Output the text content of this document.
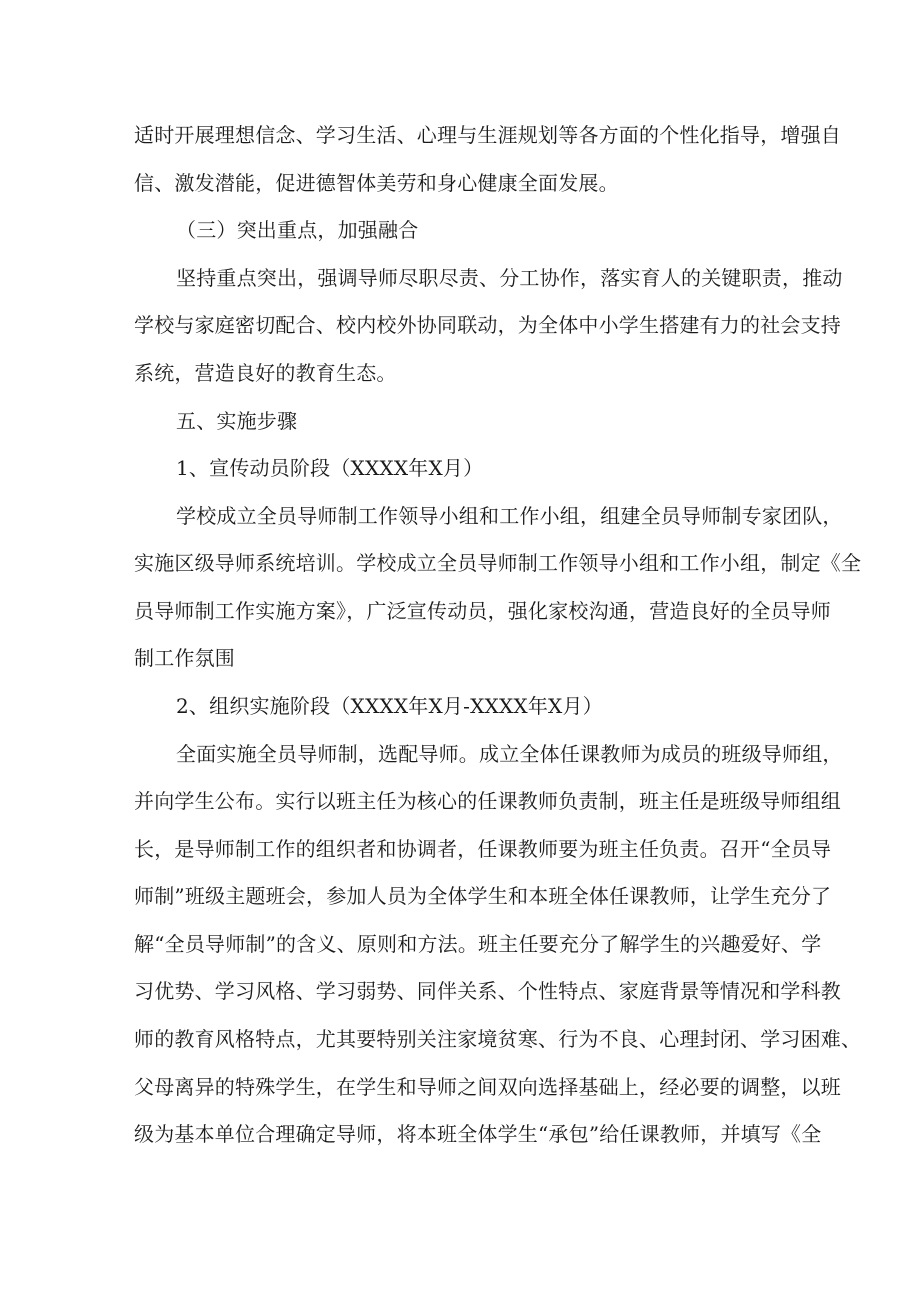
适时开展理想信念、学习生活、心理与生涯规划等各方面的个性化指导，增强自
信、激发潜能，促进德智体美劳和身心健康全面发展。
（三）突出重点，加强融合
坚持重点突出，强调导师尽职尽责、分工协作，落实育人的关键职责，推动
学校与家庭密切配合、校内校外协同联动，为全体中小学生搭建有力的社会支持
系统，营造良好的教育生态。
五、实施步骤
1、宣传动员阶段（XXXX年X月）
学校成立全员导师制工作领导小组和工作小组，组建全员导师制专家团队，
实施区级导师系统培训。学校成立全员导师制工作领导小组和工作小组，制定《全
员导师制工作实施方案》，广泛宣传动员，强化家校沟通，营造良好的全员导师
制工作氛围
2、组织实施阶段（XXXX年X月-XXXX年X月）
全面实施全员导师制，选配导师。成立全体任课教师为成员的班级导师组，
并向学生公布。实行以班主任为核心的任课教师负责制，班主任是班级导师组组
长，是导师制工作的组织者和协调者，任课教师要为班主任负责。召开“全员导
师制”班级主题班会，参加人员为全体学生和本班全体任课教师，让学生充分了
解“全员导师制”的含义、原则和方法。班主任要充分了解学生的兴趣爱好、学
习优势、学习风格、学习弱势、同伴关系、个性特点、家庭背景等情况和学科教
师的教育风格特点，尤其要特别关注家境贫寒、行为不良、心理封闭、学习困难、
父母离异的特殊学生，在学生和导师之间双向选择基础上，经必要的调整，以班
级为基本单位合理确定导师，将本班全体学生“承包”给任课教师，并填写《全
